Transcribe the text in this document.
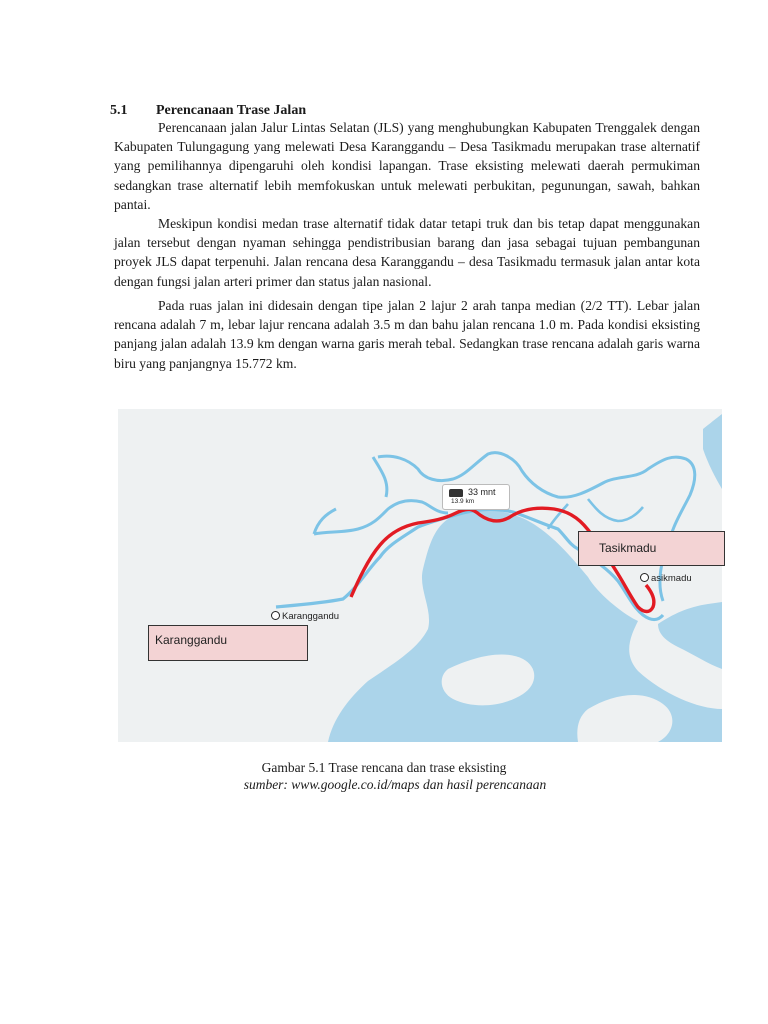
5.1 Perencanaan Trase Jalan

Perencanaan jalan Jalur Lintas Selatan (JLS) yang menghubungkan Kabupaten Trenggalek dengan Kabupaten Tulungagung yang melewati Desa Karanggandu – Desa Tasikmadu merupakan trase alternatif yang pemilihannya dipengaruhi oleh kondisi lapangan. Trase eksisting melewati daerah permukiman sedangkan trase alternatif lebih memfokuskan untuk melewati perbukitan, pegunungan, sawah, bahkan pantai.

Meskipun kondisi medan trase alternatif tidak datar tetapi truk dan bis tetap dapat menggunakan jalan tersebut dengan nyaman sehingga pendistribusian barang dan jasa sebagai tujuan pembangunan proyek JLS dapat terpenuhi. Jalan rencana desa Karanggandu – desa Tasikmadu termasuk jalan antar kota dengan fungsi jalan arteri primer dan status jalan nasional.

Pada ruas jalan ini didesain dengan tipe jalan 2 lajur 2 arah tanpa median (2/2 TT). Lebar jalan rencana adalah 7 m, lebar lajur rencana adalah 3.5 m dan bahu jalan rencana 1.0 m. Pada kondisi eksisting panjang jalan adalah 13.9 km dengan warna garis merah tebal. Sedangkan trase rencana adalah garis warna biru yang panjangnya 15.772 km.

33 mnt
13.9 km
Tasikmadu
Karanggandu
Karanggandu
asikmadu
Gambar 5.1 Trase rencana dan trase eksisting
sumber: www.google.co.id/maps dan hasil perencanaan
